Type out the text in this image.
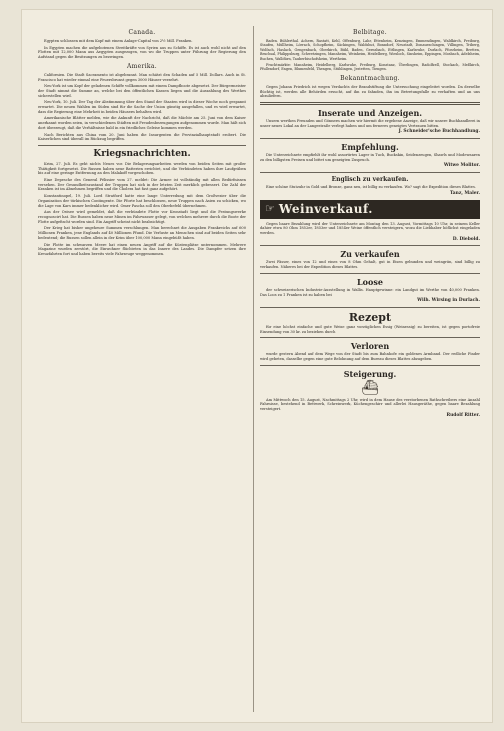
Canada.

Egypten schlossen mit dem Kopf mit einem Anlage-Capital von 2½ Mill. Franken.

In Egypten machen die aufgebotenen Streitkräfte von Syrien aus zu Schiffe. Es ist auch wohl nicht auf den Flotten mit 12,000 Mann aus Aegypten ausgezogen, von wo die Truppen unter Führung der Regierung den Aufstand gegen die Besitzungen zu bezwingen.

Amerika.

Californien. Die Stadt Sacramento ist abgebrannt. Man schätzt den Schaden auf 5 Mill. Dollars. Auch in St. Francisco hat wieder einmal eine Feuersbrunst gegen 3000 Häuser verzehrt.

Neu-York ist um Kopf der geladenen Schiffe vollkommen mit einem Dampfboote abgesetzt. Der Bürgermeister der Stadt nimmt die Summe an, welche bei den öffentlichen Kassen liegen und die Auszahlung des Werthes sicherstellen wird.

Neu-York, 10. Juli. Der Tag der Abstimmung über den Stand der Staaten wird in dieser Woche noch gespannt erwartet. Die neuen Wahlen im Süden sind für die Sache der Union günstig ausgefallen, und es wird erwartet, dass die Regierung eine Mehrheit in beiden Häusern behalten wird.

Amerikanische Blätter melden, wie die Ankunft der Nachricht, daß die Mächte am 25. Juni von dem Kaiser anerkannt worden seien, in verschiedenen Städten mit Freudenbezeugungen aufgenommen wurde. Man hält sich dort überzeugt, daß die Verhältnisse bald in ein friedliches Geleise kommen werden.

Nach Berichten aus China vom 20. Juni haben die Insurgenten die Provinzialhauptstadt erobert. Die Kaiserlichen sind überall im Rückzug begriffen.

Kriegsnachrichten.

Krim, 27. Juli. Es geht nichts Neues vor. Die Belagerungsarbeiten werden von beiden Seiten mit großer Thätigkeit fortgesetzt. Die Russen haben neue Batterien errichtet, und die Verbündeten haben ihre Laufgräben bis auf eine geringe Entfernung an den Malakoff vorgeschoben.

Eine Depesche des General Pélissier vom 27. meldet: Die Armee ist vollständig mit allen Bedürfnissen versehen. Der Gesundheitszustand der Truppen hat sich in der letzten Zeit merklich gebessert. Die Zahl der Kranken ist im Abnehmen begriffen und die Cholera hat fast ganz aufgehört.

Konstantinopel, 19. Juli. Lord Stratford hatte eine lange Unterredung mit dem Großvezier über die Organisation der türkischen Contingente. Die Pforte hat beschlossen, neue Truppen nach Asien zu schicken, wo die Lage von Kars immer bedenklicher wird. Omer Pascha soll den Oberbefehl übernehmen.

Aus der Ostsee wird gemeldet, daß die verbündete Flotte vor Kronstadt liegt und die Festungswerke recognoscirt hat. Die Russen haben neue Minen im Fahrwasser gelegt, von welchen mehrere durch die Boote der Flotte aufgefischt worden sind. Ein Angriff scheint nicht beabsichtigt.

Der Krieg hat bisher ungeheure Summen verschlungen. Man berechnet die Ausgaben Frankreichs auf 600 Millionen Franken, jene Englands auf 40 Millionen Pfund. Die Verluste an Menschen sind auf beiden Seiten sehr bedeutend; die Russen sollen allein in der Krim über 100,000 Mann eingebüßt haben.

Die Flotte im schwarzen Meere hat einen neuen Angriff auf die Küstenplätze unternommen. Mehrere Magazine wurden zerstört, die Einwohner flüchteten in das Innere des Landes. Die Dampfer setzen ihre Kreuzfahrten fort und haben bereits viele Fahrzeuge weggenommen.

Belbitage.

Baden. Bühlerthal. Achern, Rastatt, Kehl, Offenburg, Lahr, Ettenheim, Kenzingen, Emmendingen, Waldkirch, Freiburg, Staufen, Müllheim, Lörrach, Schopfheim, Säckingen, Waldshut, Bonndorf, Neustadt, Donaueschingen, Villingen, Triberg, Wolfach, Haslach, Gengenbach, Oberkirch, Bühl, Baden, Gernsbach, Ettlingen, Karlsruhe, Durlach, Pforzheim, Bretten, Bruchsal, Philippsburg, Schwetzingen, Mannheim, Weinheim, Heidelberg, Wiesloch, Sinsheim, Eppingen, Mosbach, Adelsheim, Buchen, Walldürn, Tauberbischofsheim, Wertheim.

Fruchtmärkte: Mannheim, Heidelberg, Karlsruhe, Freiburg, Konstanz, Überlingen, Radolfzell, Stockach, Meßkirch, Pfullendorf, Engen, Blumenfeld, Thengen, Stühlingen, Jestetten, Tiengen.

Bekanntmachung.

Gegen Johann Friedrich ist wegen Verdachts der Brandstiftung die Untersuchung eingeleitet worden. Da derselbe flüchtig ist, werden alle Behörden ersucht, auf ihn zu fahnden, ihn im Betretungsfalle zu verhaften und an uns abzuliefern.

Inserate und Anzeigen.

Unsern werthen Freunden und Gönnern machen wir hiermit die ergebene Anzeige, daß wir unsere Buchhandlerei in unser neues Lokal an der Langestraße verlegt haben und um ferneres geneigtes Vertrauen bitten.

J. Schneider'sche Buchhandlung.
Empfehlung.

Die Unterzeichnete empfiehlt ihr wohl assortirtes Lager in Tuch, Buckskin, Seidenzeugen, Shawls und Modewaaren zu den billigsten Preisen und bittet um geneigten Zuspruch.

Witwe Molitor.
Englisch zu verkaufen.

Eine schöne Stutzuhr in Gold und Bronze, ganz neu, ist billig zu verkaufen. Wo? sagt die Expedition dieses Blattes.

Tanz, Maler.
☞ Weinverkauf.

Gegen baare Bezahlung wird der Unterzeichnete am Montag den 13. August, Vormittags 10 Uhr, in seinem Keller dahier etwa 80 Ohm 1852er, 1853er und 1854er Weine öffentlich versteigern, wozu die Liebhaber höflichst eingeladen werden.

D. Diebold.
Zu verkaufen

Zwei Fässer, eines von 12 und eines von 8 Ohm Gehalt, gut in Eisen gebunden und weingrün, sind billig zu verkaufen. Näheres bei der Expedition dieses Blattes.

Loose

der schweizerischen Industrie-Ausstellung in Wallis. Hauptgewinne: ein Landgut im Werthe von 40,000 Franken. Das Loos zu 1 Franken ist zu haben bei

Wilh. Wirsing in Durlach.
Rezept

für eine höchst einfache und gute Weise ganz vorzüglichen Essig (Weinessig) zu bereiten, ist gegen portofreie Einsendung von 30 kr. zu beziehen durch

Verloren

wurde gestern Abend auf dem Wege von der Stadt bis zum Bahnhofe ein goldenes Armband. Der redliche Finder wird gebeten, dasselbe gegen eine gute Belohnung auf dem Bureau dieses Blattes abzugeben.

Steigerung.
⛴

Am Mittwoch den 15. August, Nachmittags 2 Uhr, wird in dem Hause des verstorbenen Rathschreibers eine Anzahl Fahrnisse, bestehend in Bettwerk, Schreinwerk, Küchengeschirr und allerlei Hausgeräthe, gegen baare Bezahlung versteigert.

Rudolf Ritter.
